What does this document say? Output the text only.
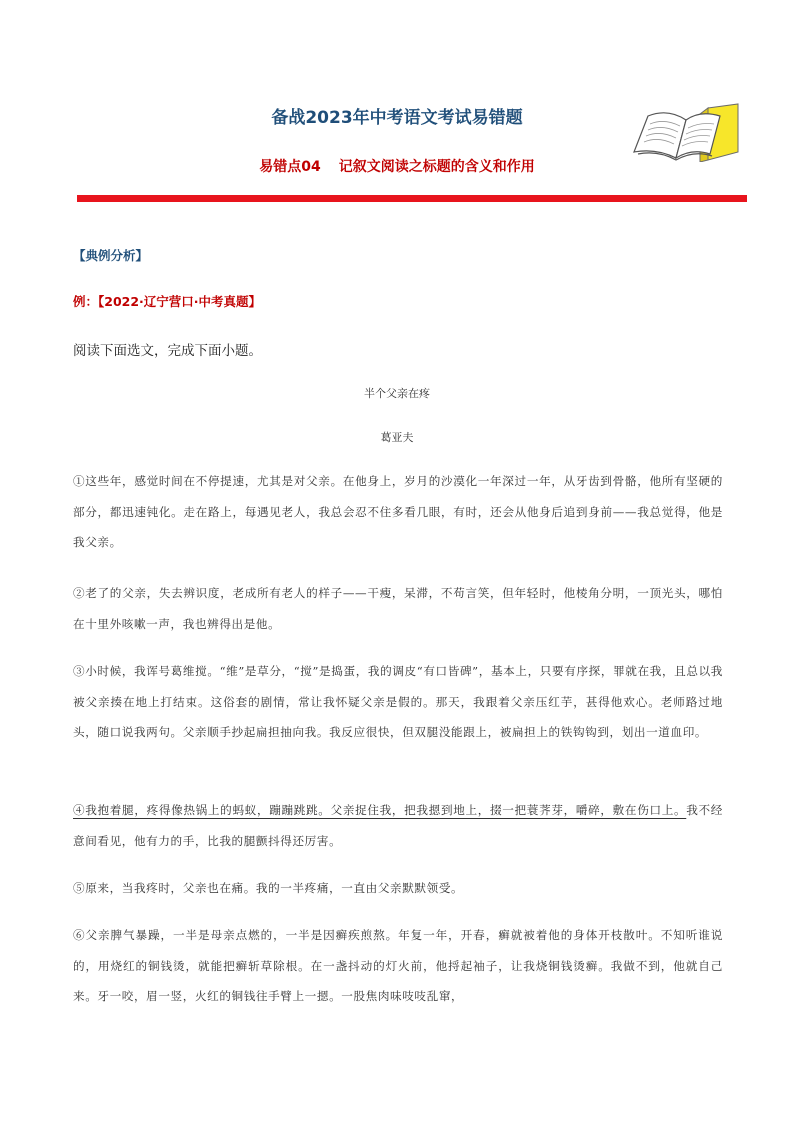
备战2023年中考语文考试易错题
易错点04 记叙文阅读之标题的含义和作用
【典例分析】
例：【2022·辽宁营口·中考真题】
阅读下面选文，完成下面小题。
半个父亲在疼
葛亚夫
①这些年，感觉时间在不停提速，尤其是对父亲。在他身上，岁月的沙漠化一年深过一年，从牙齿到骨骼，他所有坚硬的部分，都迅速钝化。走在路上，每遇见老人，我总会忍不住多看几眼，有时，还会从他身后追到身前——我总觉得，他是我父亲。
②老了的父亲，失去辨识度，老成所有老人的样子——干瘦，呆滞，不苟言笑，但年轻时，他棱角分明，一顶光头，哪怕在十里外咳嗽一声，我也辨得出是他。
③小时候，我诨号葛维搅。“维”是草分，“搅”是捣蛋，我的调皮“有口皆碑”，基本上，只要有序探，罪就在我，且总以我被父亲揍在地上打结束。这俗套的剧情，常让我怀疑父亲是假的。那天，我跟着父亲压红芋，甚得他欢心。老师路过地头，随口说我两句。父亲顺手抄起扁担抽向我。我反应很快，但双腿没能跟上，被扁担上的铁钩钩到，划出一道血印。
④我抱着腿，疼得像热锅上的蚂蚁，蹦蹦跳跳。父亲捉住我，把我摁到地上，掇一把蓑荠芽，嚼碎，敷在伤口上。我不经意间看见，他有力的手，比我的腿颤抖得还厉害。
⑤原来，当我疼时，父亲也在痛。我的一半疼痛，一直由父亲默默领受。
⑥父亲脾气暴躁，一半是母亲点燃的，一半是因癣疾煎熬。年复一年，开春，癣就被着他的身体开枝散叶。不知听谁说的，用烧红的铜钱烫，就能把癣斩草除根。在一盏抖动的灯火前，他捋起袖子，让我烧铜钱烫癣。我做不到，他就自己来。牙一咬，眉一竖，火红的铜钱往手臂上一摁。一股焦肉味吱吱乱窜，
